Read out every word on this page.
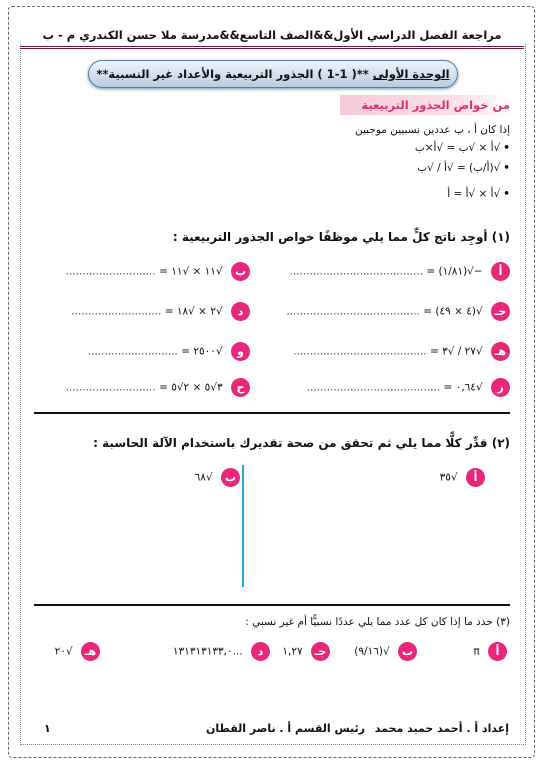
مراجعة الفصل الدراسي الأول&&الصف التاسع&&مدرسة ملا حسن الكندري م - ب
الوحدة الأولى **( 1-1 ) الجذور التربيعية والأعداد غير النسبية**
من خواص الجذور التربيعية
إذا كان أ ، ب عددين نسبيين موجبين
•√أ × √ب = √أ×ب
•√(أ/ب) = √أ / √ب
•√أ × √أ = أ
(١) أوجِد ناتج كلٍّ مما يلي موظفًا خواص الجذور التربيعية :
أ −√(١/٨١) = ........................................
ب √١١ × √١١ = ...........................
جـ √(٤ × ٤٩) = ........................................
د √٢ × √١٨ = ...........................
هـ √٢٧ / √٣ = ........................................
و √٢٥٠٠ = ...........................
ز √٠,٦٤ = ........................................
ح ٣√٥ × ٢√٥ = ...........................
(٢) قدِّر كلًّا مما يلي ثم تحقق من صحة تقديرك باستخدام الآلة الحاسبة :
أ √٣٥
ب √٦٨
(٣) حدد ما إذا كان كل عدد مما يلي عددًا نسبيًّا أم غير نسبي :
أ π
ب √(٩/١٦)
جـ ١,٢٧
د ...١٣١٣١٣١٣٣,٠
هـ √٢٠
إعداد أ . أحمد حميد محمد
رئيس القسم أ . ناصر القطان
١
